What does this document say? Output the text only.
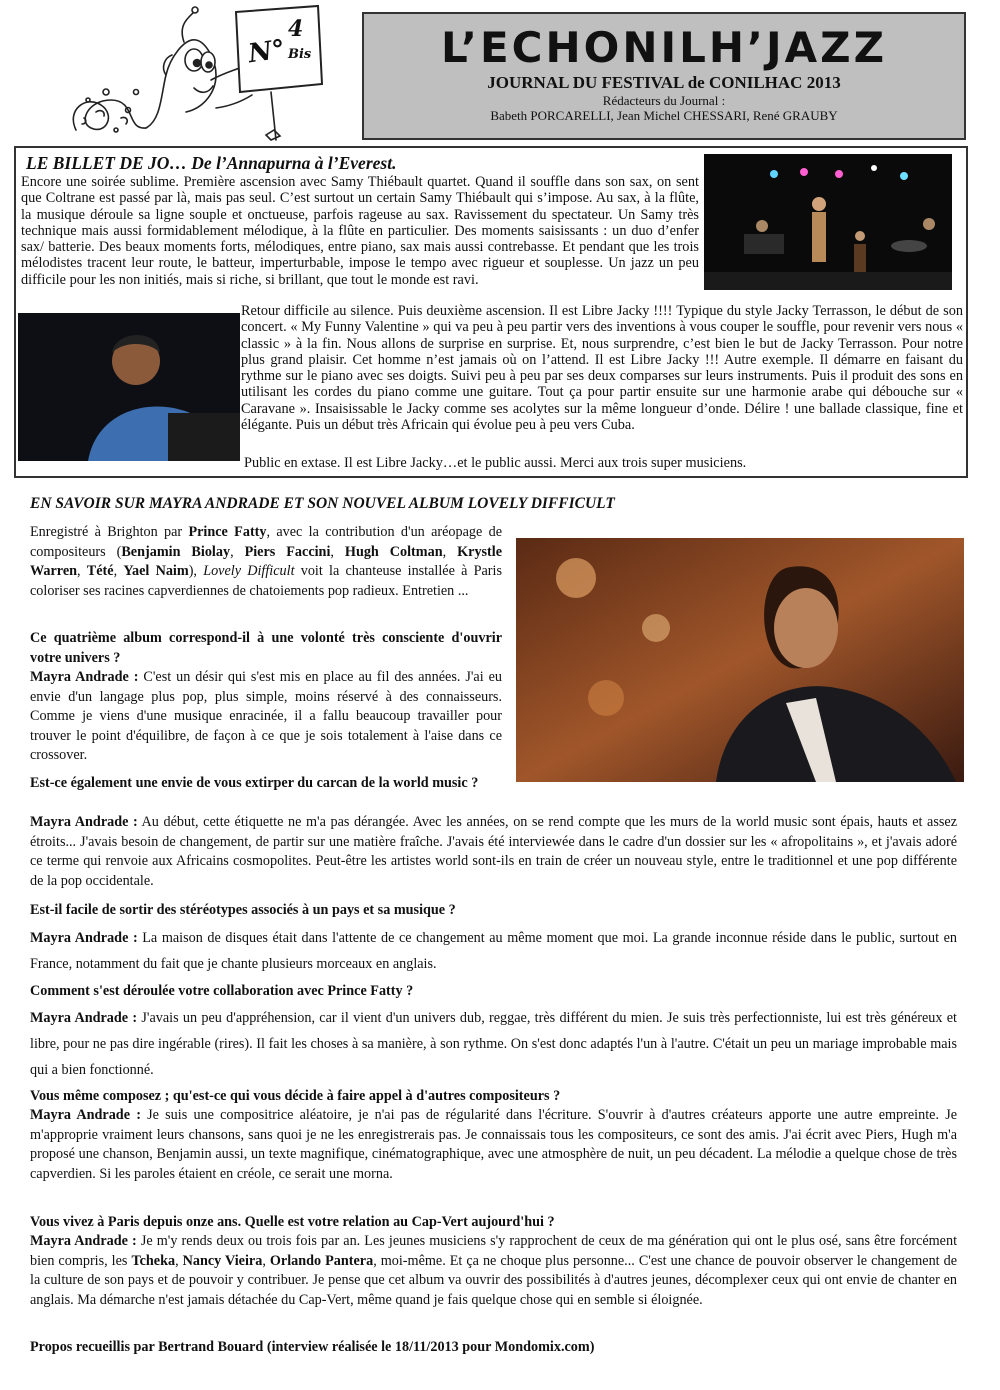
N°
4
Bis	L’ECHONILH’JAZZ
JOURNAL DU FESTIVAL de CONILHAC 2013
Rédacteurs du Journal :
Babeth PORCARELLI, Jean Michel CHESSARI, René GRAUBY
LE BILLET DE JO… De l’Annapurna à l’Everest.

Encore une soirée sublime. Première ascension avec Samy Thiébault quartet. Quand il souffle dans son sax, on sent que Coltrane est passé par là, mais pas seul. C’est surtout un certain Samy Thiébault qui s’impose. Au sax, à la flûte, la musique déroule sa ligne souple et onctueuse, parfois rageuse au sax. Ravissement du spectateur. Un Samy très technique mais aussi formidablement mélodique, à la flûte en particulier. Des moments saisissants : un duo d’enfer sax/ batterie. Des beaux moments forts, mélodiques, entre piano, sax mais aussi contrebasse. Et pendant que les trois mélodistes tracent leur route, le batteur, imperturbable, impose le tempo avec rigueur et souplesse. Un jazz un peu difficile pour les non initiés, mais si riche, si brillant, que tout le monde est ravi.

Retour difficile au silence. Puis deuxième ascension. Il est Libre Jacky !!!! Typique du style Jacky Terrasson, le début de son concert. « My Funny Valentine » qui va peu à peu partir vers des inventions à vous couper le souffle, pour revenir vers nous « classic » à la fin. Nous allons de surprise en surprise. Et, nous surprendre, c’est bien le but de Jacky Terrasson. Pour notre plus grand plaisir. Cet homme n’est jamais où on l’attend. Il est Libre Jacky !!! Autre exemple. Il démarre en faisant du rythme sur le piano avec ses doigts. Suivi peu à peu par ses deux comparses sur leurs instruments. Puis il produit des sons en utilisant les cordes du piano comme une guitare. Tout ça pour partir ensuite sur une harmonie arabe qui débouche sur « Caravane ». Insaisissable le Jacky comme ses acolytes sur la même longueur d’onde. Délire ! une ballade classique, fine et élégante. Puis un début très Africain qui évolue peu à peu vers Cuba.

Public en extase. Il est Libre Jacky…et le public aussi. Merci aux trois super musiciens.

EN SAVOIR SUR MAYRA ANDRADE ET SON NOUVEL ALBUM LOVELY DIFFICULT

Enregistré à Brighton par Prince Fatty, avec la contribution d'un aréopage de compositeurs (Benjamin Biolay, Piers Faccini, Hugh Coltman, Krystle Warren, Tété, Yael Naim), Lovely Difficult voit la chanteuse installée à Paris coloriser ses racines capverdiennes de chatoiements pop radieux. Entretien ...

Ce quatrième album correspond-il à une volonté très consciente d'ouvrir votre univers ?

Mayra Andrade : C'est un désir qui s'est mis en place au fil des années. J'ai eu envie d'un langage plus pop, plus simple, moins réservé à des connaisseurs. Comme je viens d'une musique enracinée, il a fallu beaucoup travailler pour trouver le point d'équilibre, de façon à ce que je sois totalement à l'aise dans ce crossover.

Est-ce également une envie de vous extirper du carcan de la world music ?

Mayra Andrade : Au début, cette étiquette ne m'a pas dérangée. Avec les années, on se rend compte que les murs de la world music sont épais, hauts et assez étroits... J'avais besoin de changement, de partir sur une matière fraîche. J'avais été interviewée dans le cadre d'un dossier sur les « afropolitains », et j'avais adoré ce terme qui renvoie aux Africains cosmopolites. Peut-être les artistes world sont-ils en train de créer un nouveau style, entre le traditionnel et une pop différente de la pop occidentale.

Est-il facile de sortir des stéréotypes associés à un pays et sa musique ?

Mayra Andrade : La maison de disques était dans l'attente de ce changement au même moment que moi. La grande inconnue réside dans le public, surtout en France, notamment du fait que je chante plusieurs morceaux en anglais.

Comment s'est déroulée votre collaboration avec Prince Fatty ?

Mayra Andrade : J'avais un peu d'appréhension, car il vient d'un univers dub, reggae, très différent du mien. Je suis très perfectionniste, lui est très généreux et libre, pour ne pas dire ingérable (rires). Il fait les choses à sa manière, à son rythme. On s'est donc adaptés l'un à l'autre. C'était un peu un mariage improbable mais qui a bien fonctionné.

Vous même composez ; qu'est-ce qui vous décide à faire appel à d'autres compositeurs ?

Mayra Andrade : Je suis une compositrice aléatoire, je n'ai pas de régularité dans l'écriture. S'ouvrir à d'autres créateurs apporte une autre empreinte. Je m'approprie vraiment leurs chansons, sans quoi je ne les enregistrerais pas. Je connaissais tous les compositeurs, ce sont des amis. J'ai écrit avec Piers, Hugh m'a proposé une chanson, Benjamin aussi, un texte magnifique, cinématographique, avec une atmosphère de nuit, un peu décadent. La mélodie a quelque chose de très capverdien. Si les paroles étaient en créole, ce serait une morna.

Vous vivez à Paris depuis onze ans. Quelle est votre relation au Cap-Vert aujourd'hui ?

Mayra Andrade : Je m'y rends deux ou trois fois par an. Les jeunes musiciens s'y rapprochent de ceux de ma génération qui ont le plus osé, sans être forcément bien compris, les Tcheka, Nancy Vieira, Orlando Pantera, moi-même. Et ça ne choque plus personne... C'est une chance de pouvoir observer le changement de la culture de son pays et de pouvoir y contribuer. Je pense que cet album va ouvrir des possibilités à d'autres jeunes, décomplexer ceux qui ont envie de chanter en anglais. Ma démarche n'est jamais détachée du Cap-Vert, même quand je fais quelque chose qui en semble si éloignée.

Propos recueillis par Bertrand Bouard (interview réalisée le 18/11/2013 pour Mondomix.com)
